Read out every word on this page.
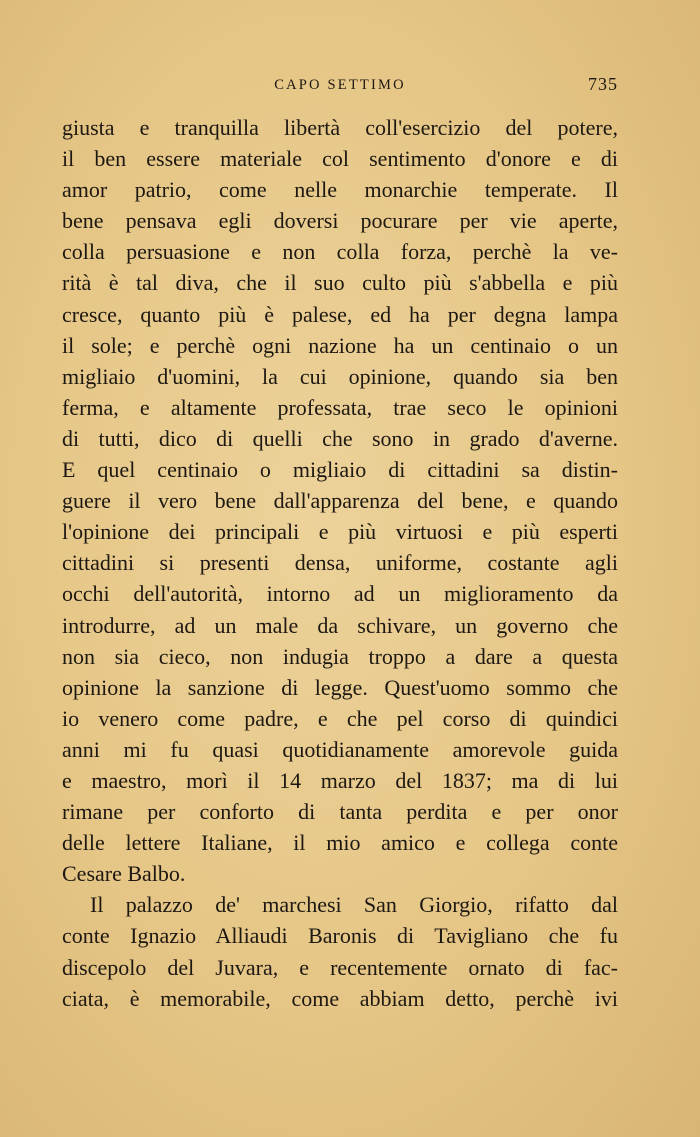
CAPO SETTIMO	735
giusta e tranquilla libertà coll'esercizio del potere,
il ben essere materiale col sentimento d'onore e di
amor patrio, come nelle monarchie temperate. Il
bene pensava egli doversi pocurare per vie aperte,
colla persuasione e non colla forza, perchè la ve-
rità è tal diva, che il suo culto più s'abbella e più
cresce, quanto più è palese, ed ha per degna lampa
il sole; e perchè ogni nazione ha un centinaio o un
migliaio d'uomini, la cui opinione, quando sia ben
ferma, e altamente professata, trae seco le opinioni
di tutti, dico di quelli che sono in grado d'averne.
E quel centinaio o migliaio di cittadini sa distin-
guere il vero bene dall'apparenza del bene, e quando
l'opinione dei principali e più virtuosi e più esperti
cittadini si presenti densa, uniforme, costante agli
occhi dell'autorità, intorno ad un miglioramento da
introdurre, ad un male da schivare, un governo che
non sia cieco, non indugia troppo a dare a questa
opinione la sanzione di legge. Quest'uomo sommo che
io venero come padre, e che pel corso di quindici
anni mi fu quasi quotidianamente amorevole guida
e maestro, morì il 14 marzo del 1837; ma di lui
rimane per conforto di tanta perdita e per onor
delle lettere Italiane, il mio amico e collega conte
Cesare Balbo.
Il palazzo de' marchesi San Giorgio, rifatto dal
conte Ignazio Alliaudi Baronis di Tavigliano che fu
discepolo del Juvara, e recentemente ornato di fac-
ciata, è memorabile, come abbiam detto, perchè ivi
